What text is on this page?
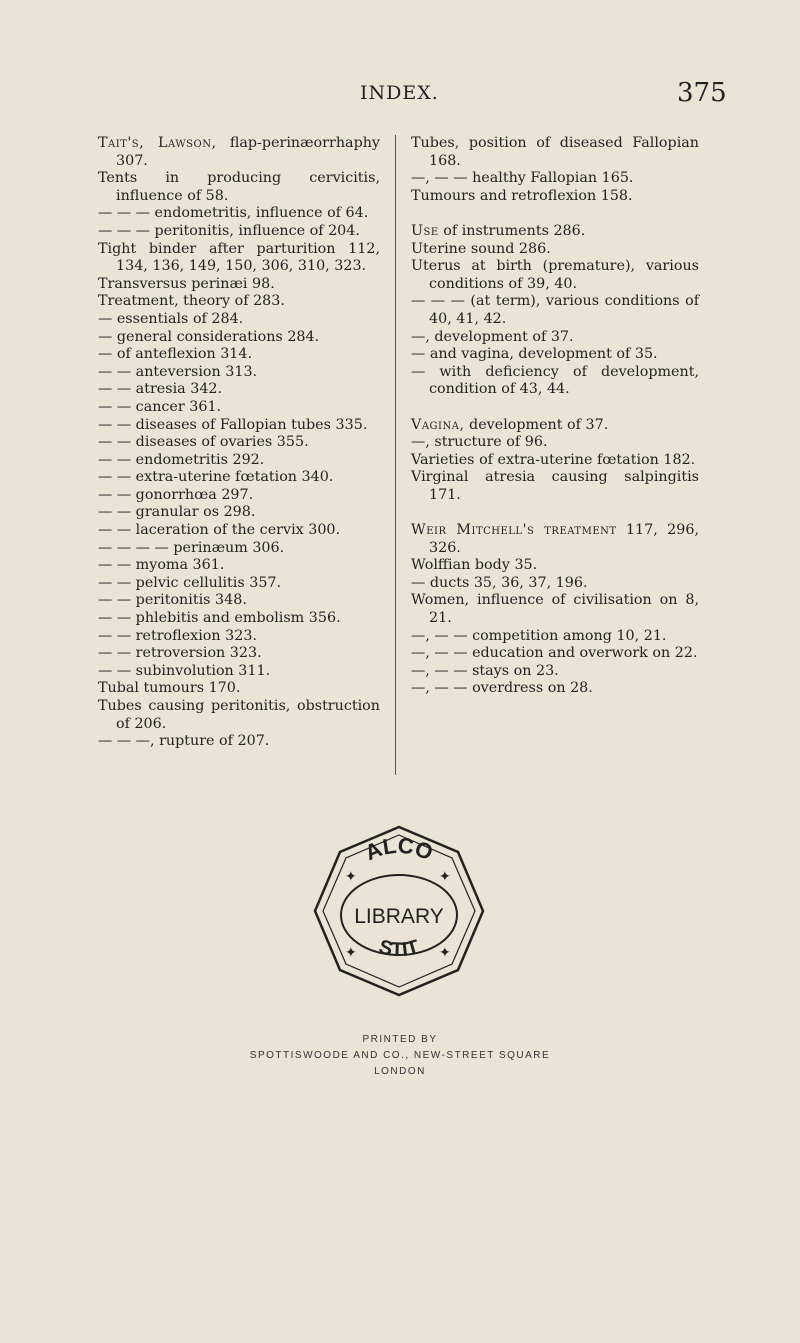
INDEX.	375

Tait's, Lawson, flap-perinæorrhaphy 307.

Tents in producing cervicitis, influence of 58.

— — — endometritis, influence of 64.

— — — peritonitis, influence of 204.

Tight binder after parturition 112, 134, 136, 149, 150, 306, 310, 323.

Transversus perinæi 98.

Treatment, theory of 283.

— essentials of 284.

— general considerations 284.

— of anteflexion 314.

— — anteversion 313.

— — atresia 342.

— — cancer 361.

— — diseases of Fallopian tubes 335.

— — diseases of ovaries 355.

— — endometritis 292.

— — extra-uterine fœtation 340.

— — gonorrhœa 297.

— — granular os 298.

— — laceration of the cervix 300.

— — — — perinæum 306.

— — myoma 361.

— — pelvic cellulitis 357.

— — peritonitis 348.

— — phlebitis and embolism 356.

— — retroflexion 323.

— — retroversion 323.

— — subinvolution 311.

Tubal tumours 170.

Tubes causing peritonitis, obstruction of 206.

— — —, rupture of 207.

Tubes, position of diseased Fallopian 168.

—, — — healthy Fallopian 165.

Tumours and retroflexion 158.

Use of instruments 286.

Uterine sound 286.

Uterus at birth (premature), various conditions of 39, 40.

— — — (at term), various conditions of 40, 41, 42.

—, development of 37.

— and vagina, development of 35.

— with deficiency of development, condition of 43, 44.

Vagina, development of 37.

—, structure of 96.

Varieties of extra-uterine fœtation 182.

Virginal atresia causing salpingitis 171.

Weir Mitchell's treatment 117, 296, 326.

Wolffian body 35.

— ducts 35, 36, 37, 196.

Women, influence of civilisation on 8, 21.

—, — — competition among 10, 21.

—, — — education and overwork on 22.

—, — — stays on 23.

—, — — overdress on 28.

ALCO
LIBRARY
STIT
✦	✦
✦	✦
PRINTED BY
SPOTTISWOODE AND CO., NEW-STREET SQUARE
LONDON
